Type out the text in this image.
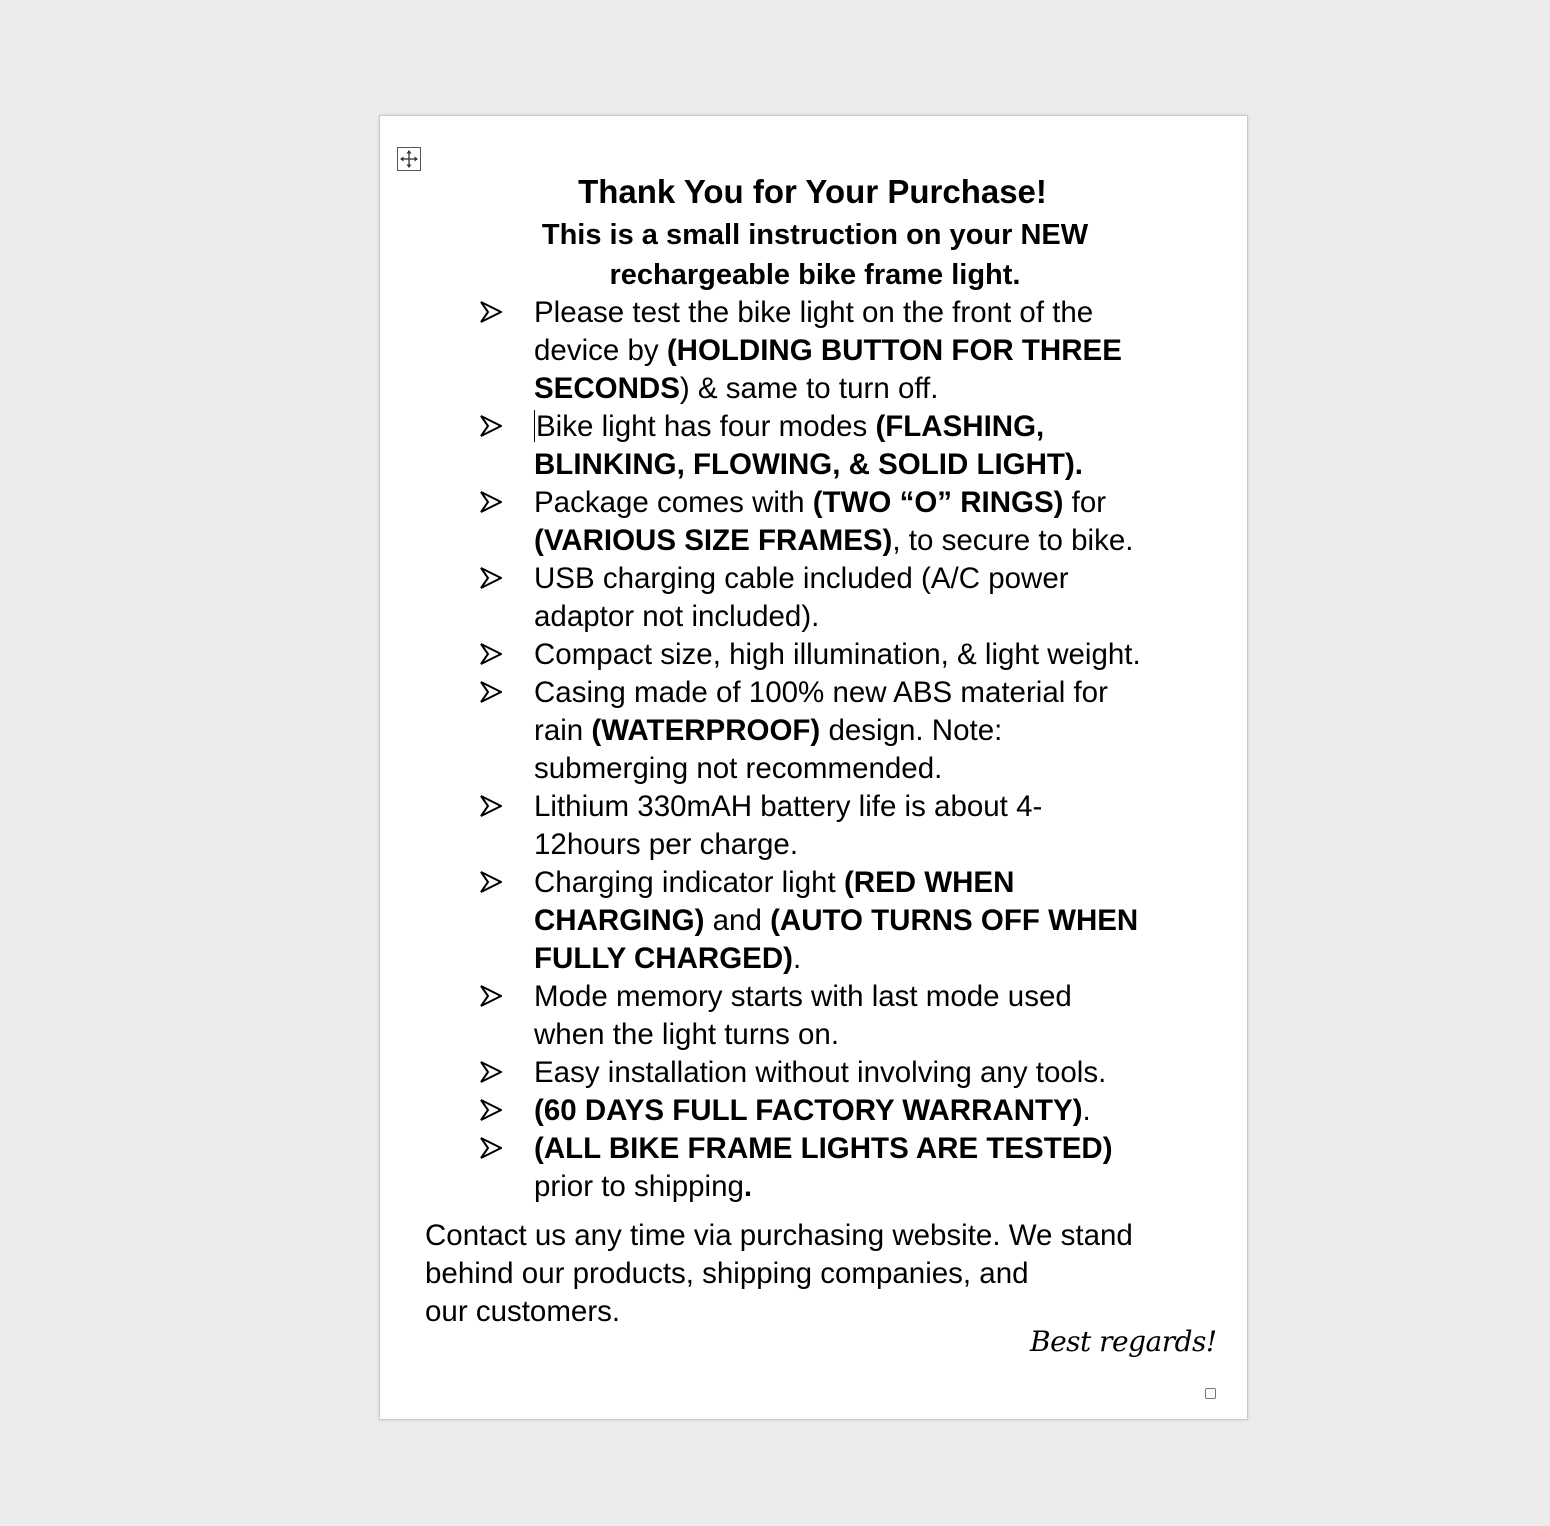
Thank You for Your Purchase!
This is a small instruction on your NEW
rechargeable bike frame light.
Please test the bike light on the front of the
device by (HOLDING BUTTON FOR THREE
SECONDS) & same to turn off.
Bike light has four modes (FLASHING,
BLINKING, FLOWING, & SOLID LIGHT).
Package comes with (TWO “O” RINGS) for
(VARIOUS SIZE FRAMES), to secure to bike.
USB charging cable included (A/C power
adaptor not included).
Compact size, high illumination, & light weight.
Casing made of 100% new ABS material for
rain (WATERPROOF) design. Note:
submerging not recommended.
Lithium 330mAH battery life is about 4-
12hours per charge.
Charging indicator light (RED WHEN
CHARGING) and (AUTO TURNS OFF WHEN
FULLY CHARGED).
Mode memory starts with last mode used
when the light turns on.
Easy installation without involving any tools.
(60 DAYS FULL FACTORY WARRANTY).
(ALL BIKE FRAME LIGHTS ARE TESTED)
prior to shipping.
Contact us any time via purchasing website. We stand
behind our products, shipping companies, and
our customers.
Best regards!
